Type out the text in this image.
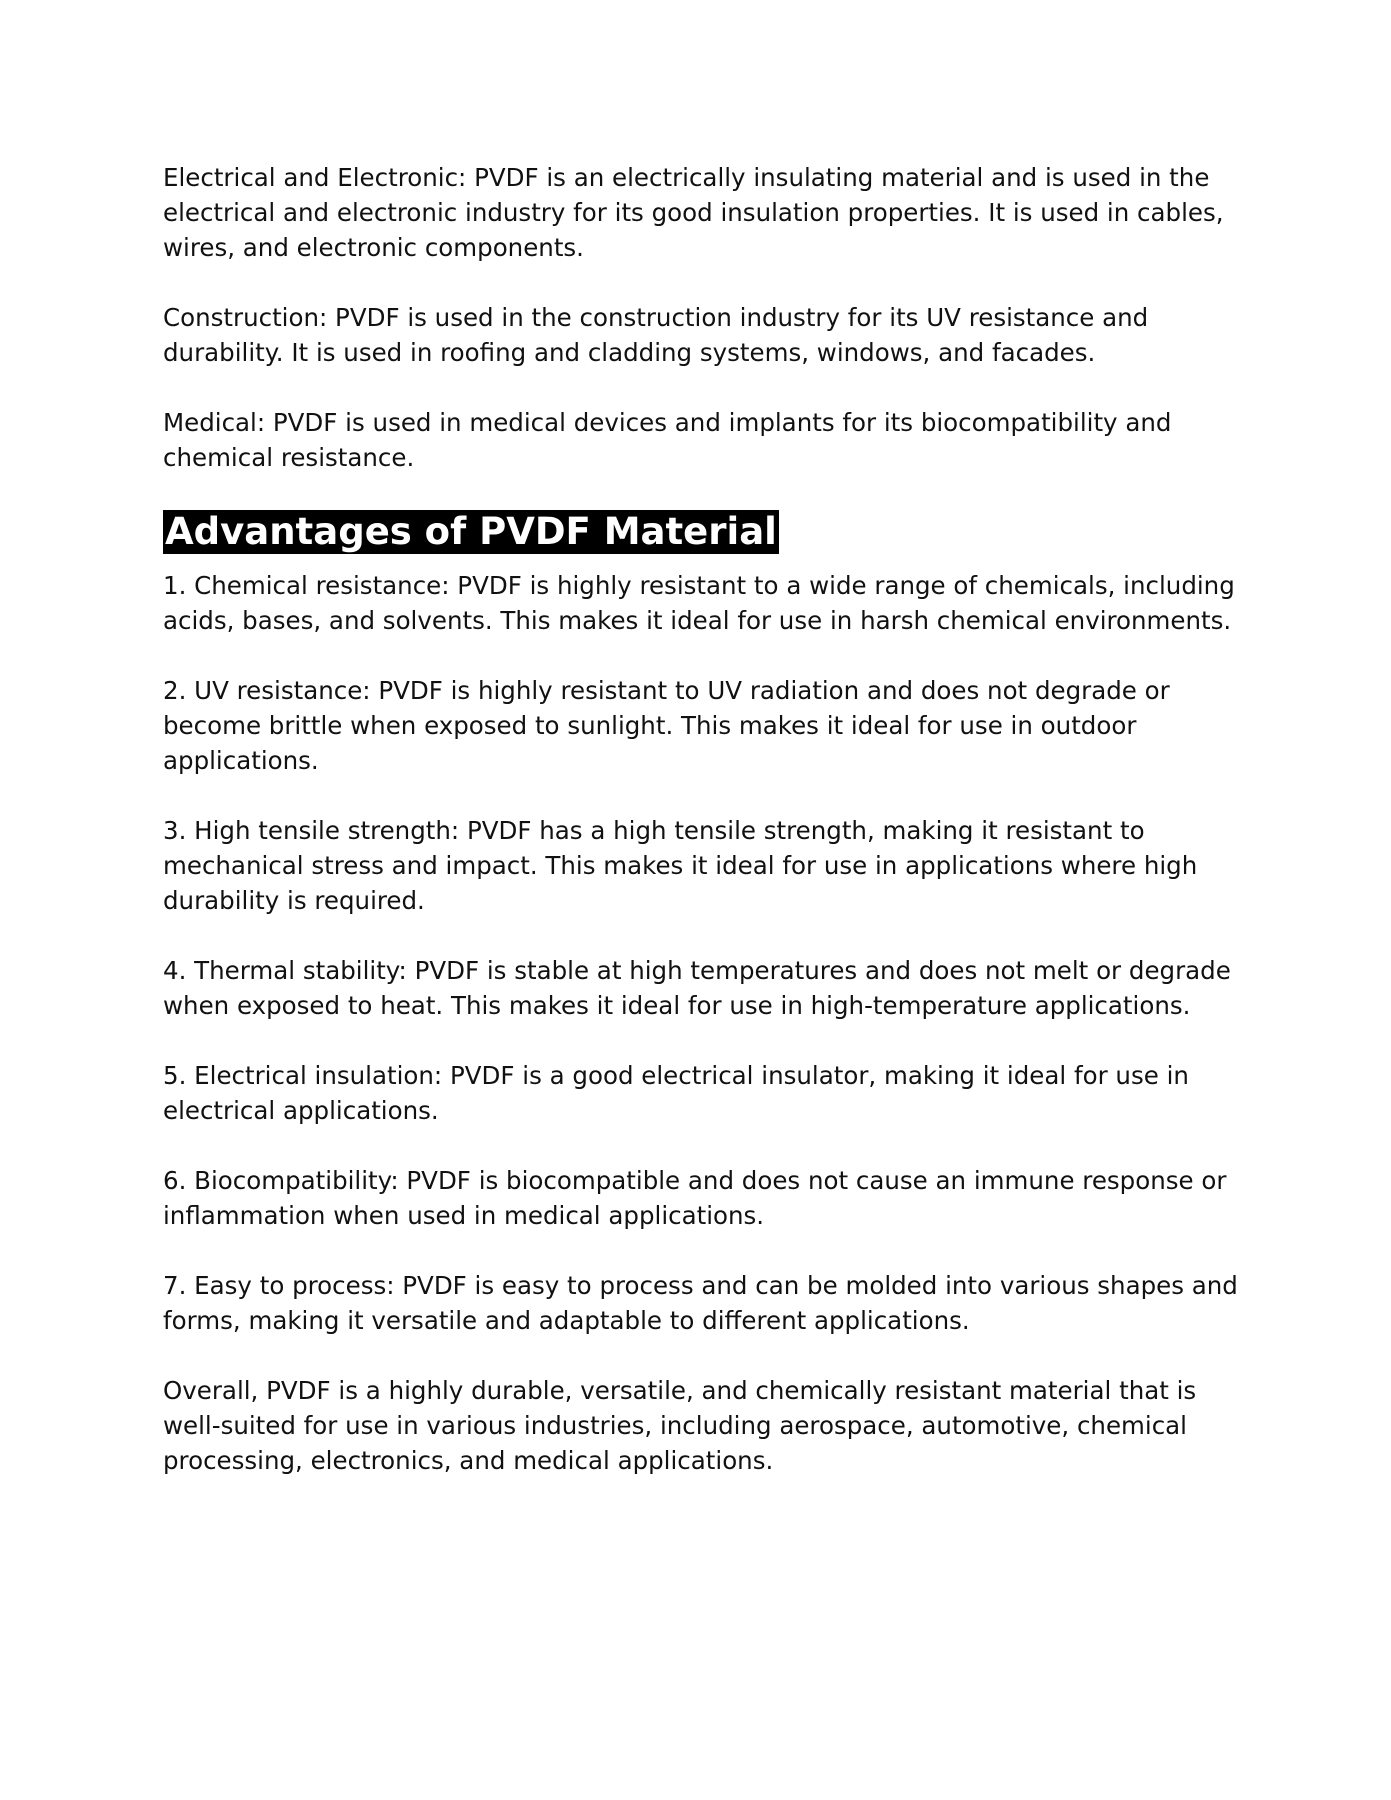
Electrical and Electronic: PVDF is an electrically insulating material and is used in the electrical and electronic industry for its good insulation properties. It is used in cables, wires, and electronic components.

Construction: PVDF is used in the construction industry for its UV resistance and durability. It is used in roofing and cladding systems, windows, and facades.

Medical: PVDF is used in medical devices and implants for its biocompatibility and chemical resistance.

Advantages of PVDF Material

1. Chemical resistance: PVDF is highly resistant to a wide range of chemicals, including acids, bases, and solvents. This makes it ideal for use in harsh chemical environments.

2. UV resistance: PVDF is highly resistant to UV radiation and does not degrade or become brittle when exposed to sunlight. This makes it ideal for use in outdoor applications.

3. High tensile strength: PVDF has a high tensile strength, making it resistant to mechanical stress and impact. This makes it ideal for use in applications where high durability is required.

4. Thermal stability: PVDF is stable at high temperatures and does not melt or degrade when exposed to heat. This makes it ideal for use in high-temperature applications.

5. Electrical insulation: PVDF is a good electrical insulator, making it ideal for use in electrical applications.

6. Biocompatibility: PVDF is biocompatible and does not cause an immune response or inflammation when used in medical applications.

7. Easy to process: PVDF is easy to process and can be molded into various shapes and forms, making it versatile and adaptable to different applications.

Overall, PVDF is a highly durable, versatile, and chemically resistant material that is well-suited for use in various industries, including aerospace, automotive, chemical processing, electronics, and medical applications.
